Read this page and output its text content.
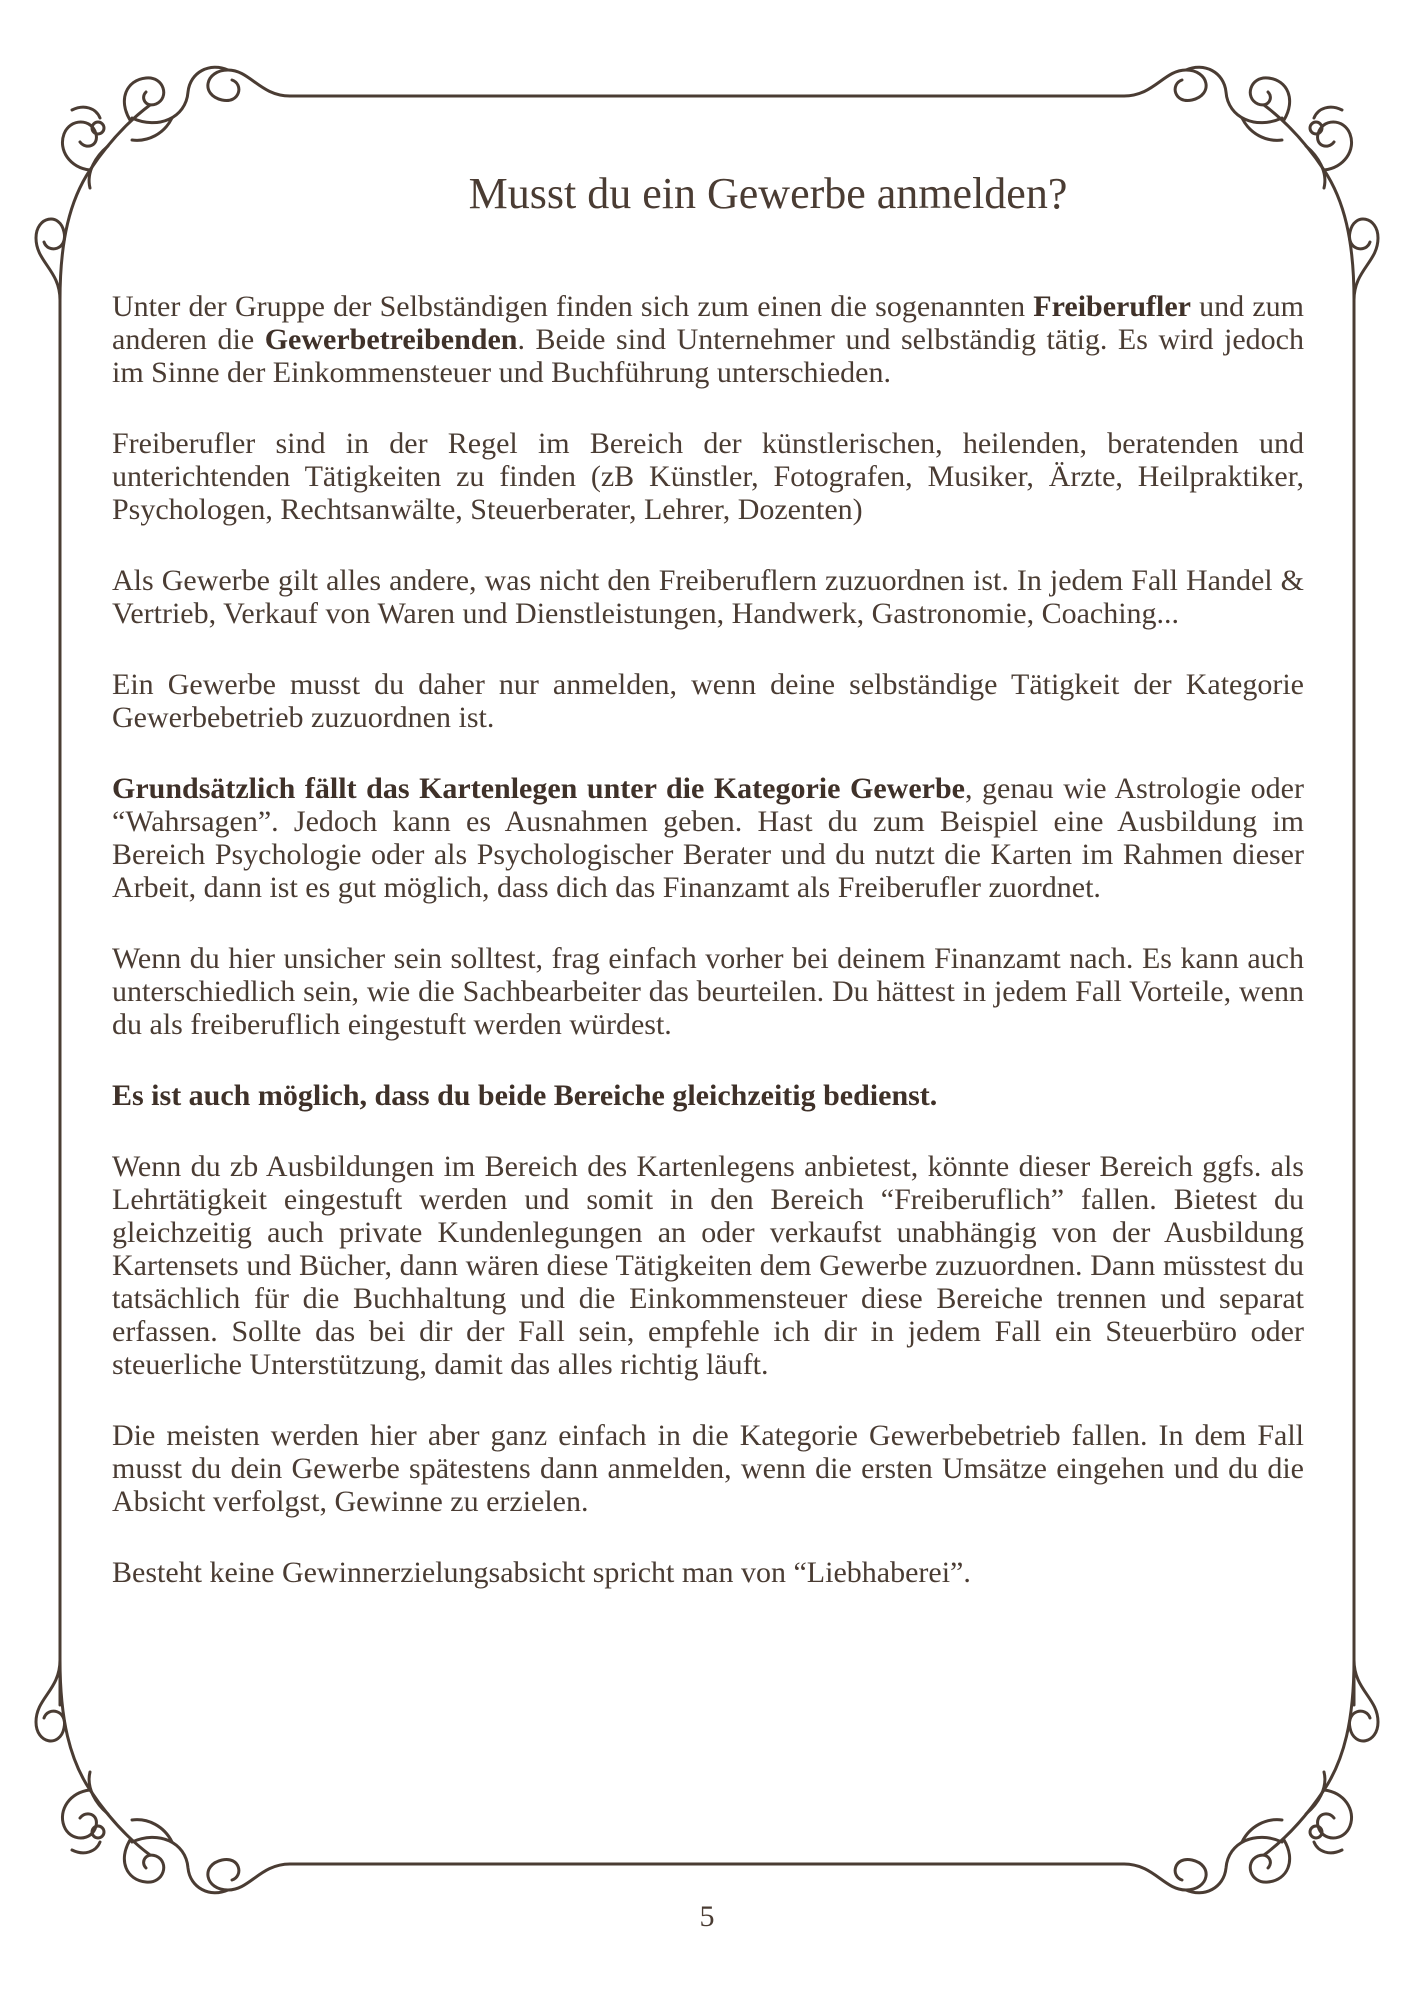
Musst du ein Gewerbe anmelden?

Unter der Gruppe der Selbständigen finden sich zum einen die sogenannten Freiberufler und zum anderen die Gewerbetreibenden. Beide sind Unternehmer und selbständig tätig. Es wird jedoch im Sinne der Einkommensteuer und Buchführung unterschieden.

Freiberufler sind in der Regel im Bereich der künstlerischen, heilenden, beratenden und unterichtenden Tätigkeiten zu finden (zB Künstler, Fotografen, Musiker, Ärzte, Heilpraktiker, Psychologen, Rechtsanwälte, Steuerberater, Lehrer, Dozenten)

Als Gewerbe gilt alles andere, was nicht den Freiberuflern zuzuordnen ist. In jedem Fall Handel & Vertrieb, Verkauf von Waren und Dienstleistungen, Handwerk, Gastronomie, Coaching...

Ein Gewerbe musst du daher nur anmelden, wenn deine selbständige Tätigkeit der Kategorie Gewerbebetrieb zuzuordnen ist.

Grundsätzlich fällt das Kartenlegen unter die Kategorie Gewerbe, genau wie Astrologie oder “Wahrsagen”. Jedoch kann es Ausnahmen geben. Hast du zum Beispiel eine Ausbildung im Bereich Psychologie oder als Psychologischer Berater und du nutzt die Karten im Rahmen dieser Arbeit, dann ist es gut möglich, dass dich das Finanzamt als Freiberufler zuordnet.

Wenn du hier unsicher sein solltest, frag einfach vorher bei deinem Finanzamt nach. Es kann auch unterschiedlich sein, wie die Sachbearbeiter das beurteilen. Du hättest in jedem Fall Vorteile, wenn du als freiberuflich eingestuft werden würdest.

Es ist auch möglich, dass du beide Bereiche gleichzeitig bedienst.

Wenn du zb Ausbildungen im Bereich des Kartenlegens anbietest, könnte dieser Bereich ggfs. als Lehrtätigkeit eingestuft werden und somit in den Bereich “Freiberuflich” fallen. Bietest du gleichzeitig auch private Kundenlegungen an oder verkaufst unabhängig von der Ausbildung Kartensets und Bücher, dann wären diese Tätigkeiten dem Gewerbe zuzuordnen. Dann müsstest du tatsächlich für die Buchhaltung und die Einkommensteuer diese Bereiche trennen und separat erfassen. Sollte das bei dir der Fall sein, empfehle ich dir in jedem Fall ein Steuerbüro oder steuerliche Unterstützung, damit das alles richtig läuft.

Die meisten werden hier aber ganz einfach in die Kategorie Gewerbebetrieb fallen. In dem Fall musst du dein Gewerbe spätestens dann anmelden, wenn die ersten Umsätze eingehen und du die Absicht verfolgst, Gewinne zu erzielen.

Besteht keine Gewinnerzielungsabsicht spricht man von “Liebhaberei”.

5
